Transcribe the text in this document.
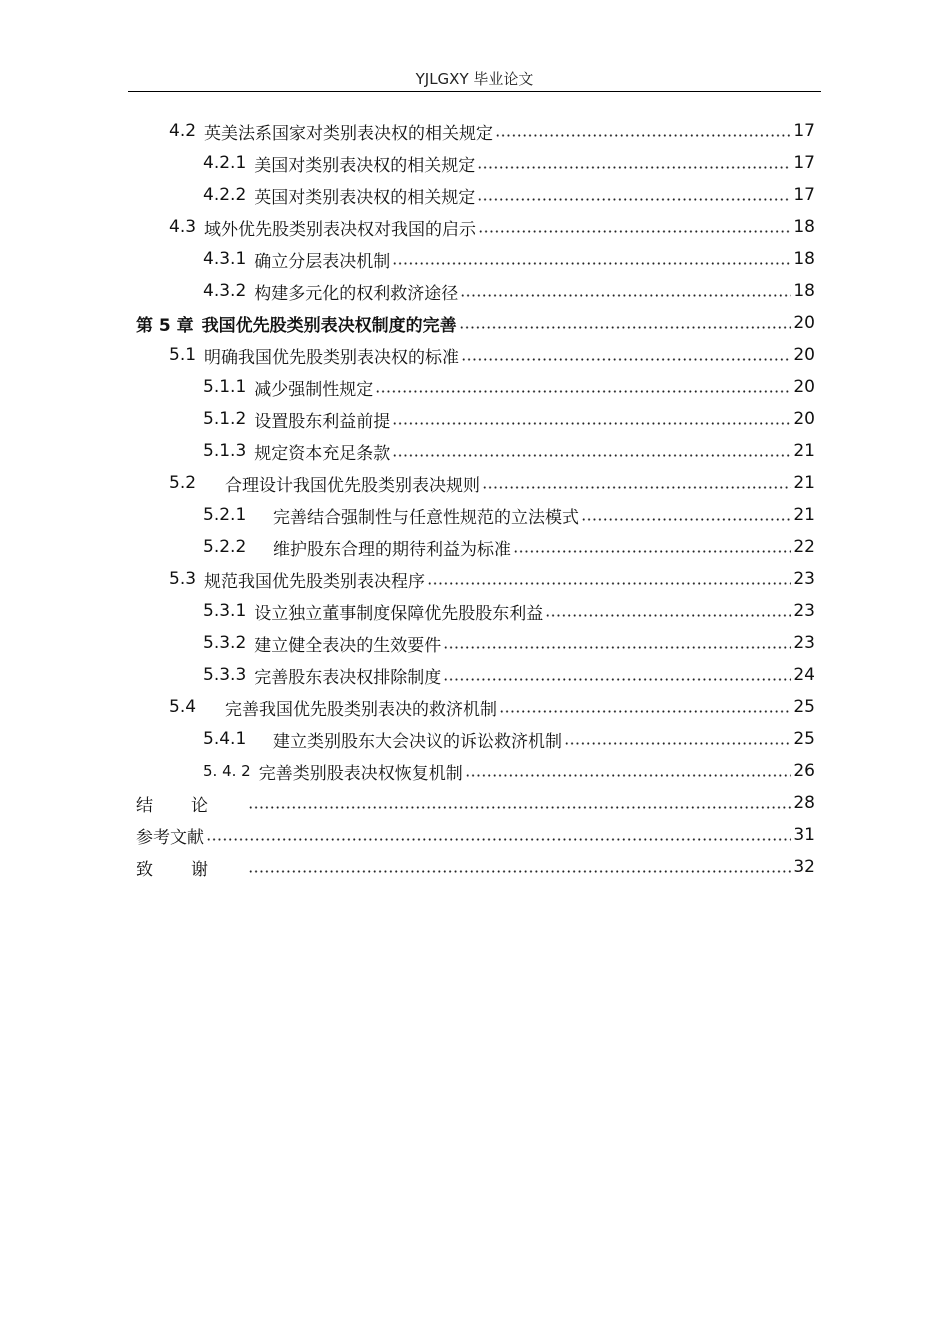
YJLGXY 毕业论文
4.2 英美法系国家对类别表决权的相关规定	17
4.2.1 美国对类别表决权的相关规定	17
4.2.2 英国对类别表决权的相关规定	17
4.3 域外优先股类别表决权对我国的启示	18
4.3.1 确立分层表决机制	18
4.3.2 构建多元化的权利救济途径	18
第 5 章 我国优先股类别表决权制度的完善	20
5.1 明确我国优先股类别表决权的标准	20
5.1.1 减少强制性规定	20
5.1.2 设置股东利益前提	20
5.1.3 规定资本充足条款	21
5.2	合理设计我国优先股类别表决规则	21
5.2.1	完善结合强制性与任意性规范的立法模式	21
5.2.2	维护股东合理的期待利益为标准	22
5.3 规范我国优先股类别表决程序	23
5.3.1 设立独立董事制度保障优先股股东利益	23
5.3.2 建立健全表决的生效要件	23
5.3.3 完善股东表决权排除制度	24
5.4	完善我国优先股类别表决的救济机制	25
5.4.1	建立类别股东大会决议的诉讼救济机制	25
5. 4. 2 完善类别股表决权恢复机制	26
结论	28
参考文献	31
致谢	32
